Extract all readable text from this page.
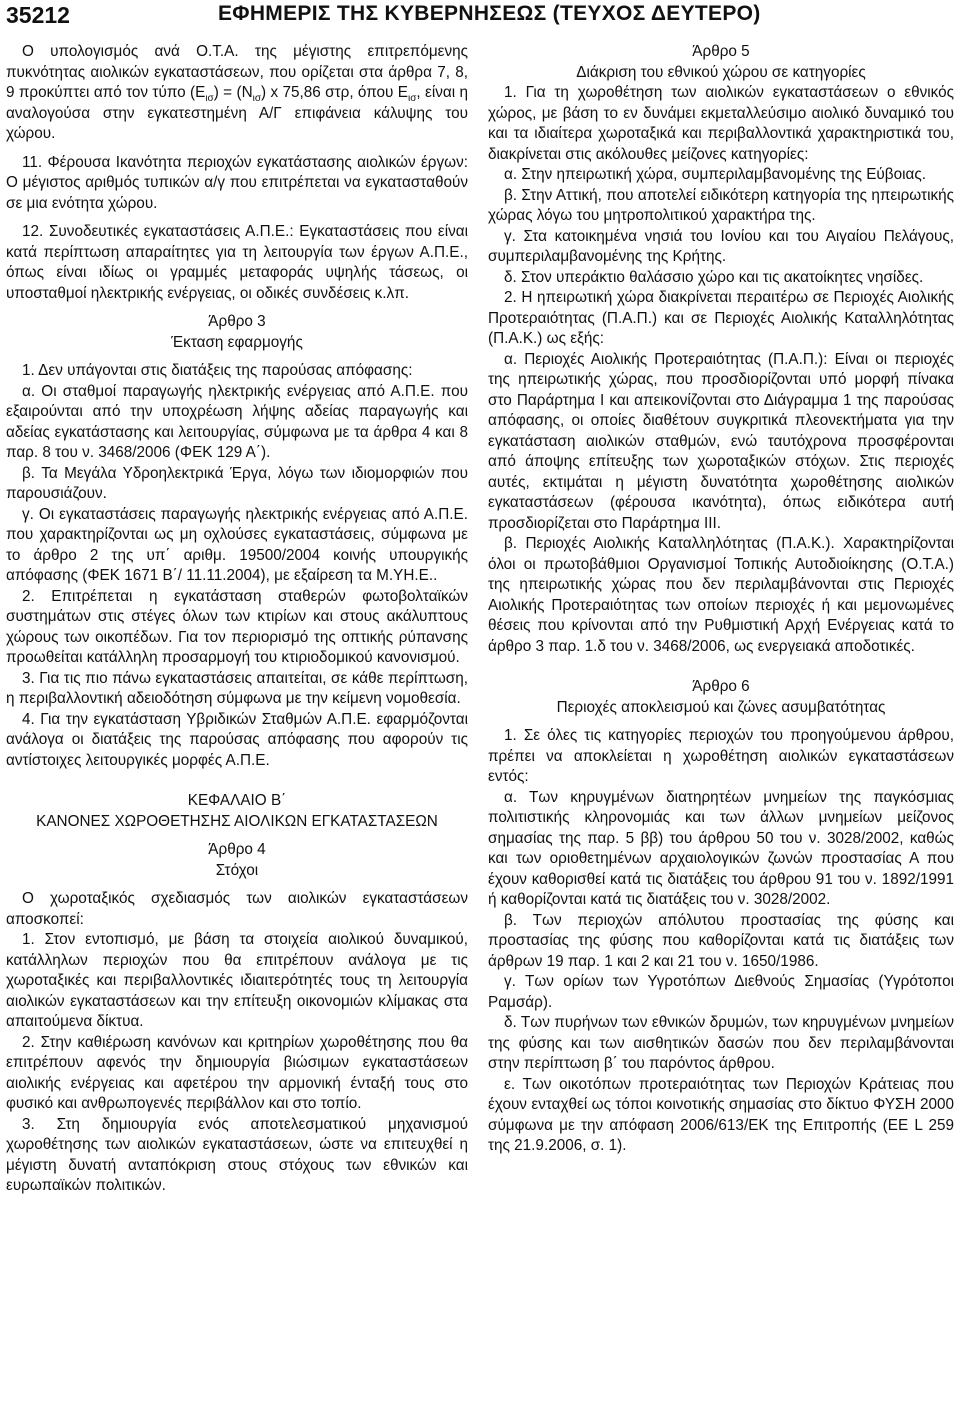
35212	ΕΦΗΜΕΡΙΣ ΤΗΣ ΚΥΒΕΡΝΗΣΕΩΣ (ΤΕΥΧΟΣ ΔΕΥΤΕΡΟ)

Ο υπολογισμός ανά Ο.Τ.Α. της μέγιστης επιτρεπόμενης πυκνότητας αιολικών εγκαταστάσεων, που ορίζεται στα άρθρα 7, 8, 9 προκύπτει από τον τύπο $(E_{\iota\sigma}) = (N_{\iota\sigma})$ x 75,86 στρ, όπου $E_{\iota\sigma}$, είναι η αναλογούσα στην εγκατεστημένη Α/Γ επιφάνεια κάλυψης του χώρου.

11. Φέρουσα Ικανότητα περιοχών εγκατάστασης αιολικών έργων: Ο μέγιστος αριθμός τυπικών α/γ που επιτρέπεται να εγκατασταθούν σε μια ενότητα χώρου.

12. Συνοδευτικές εγκαταστάσεις Α.Π.Ε.: Εγκαταστάσεις που είναι κατά περίπτωση απαραίτητες για τη λειτουργία των έργων Α.Π.Ε., όπως είναι ιδίως οι γραμμές μεταφοράς υψηλής τάσεως, οι υποσταθμοί ηλεκτρικής ενέργειας, οι οδικές συνδέσεις κ.λπ.

Άρθρο 3
Έκταση εφαρμογής

1. Δεν υπάγονται στις διατάξεις της παρούσας απόφασης:

α. Οι σταθμοί παραγωγής ηλεκτρικής ενέργειας από Α.Π.Ε. που εξαιρούνται από την υποχρέωση λήψης αδείας παραγωγής και αδείας εγκατάστασης και λειτουργίας, σύμφωνα με τα άρθρα 4 και 8 παρ. 8 του ν. 3468/2006 (ΦΕΚ 129 Α΄).

β. Τα Μεγάλα Υδροηλεκτρικά Έργα, λόγω των ιδιομορφιών που παρουσιάζουν.

γ. Οι εγκαταστάσεις παραγωγής ηλεκτρικής ενέργειας από Α.Π.Ε. που χαρακτηρίζονται ως μη οχλούσες εγκαταστάσεις, σύμφωνα με το άρθρο 2 της υπ΄ αριθμ. 19500/2004 κοινής υπουργικής απόφασης (ΦΕΚ 1671 Β΄/ 11.11.2004), με εξαίρεση τα Μ.ΥΗ.Ε..

2. Επιτρέπεται η εγκατάσταση σταθερών φωτοβολταϊκών συστημάτων στις στέγες όλων των κτιρίων και στους ακάλυπτους χώρους των οικοπέδων. Για τον περιορισμό της οπτικής ρύπανσης προωθείται κατάλληλη προσαρμογή του κτιριοδομικού κανονισμού.

3. Για τις πιο πάνω εγκαταστάσεις απαιτείται, σε κάθε περίπτωση, η περιβαλλοντική αδειοδότηση σύμφωνα με την κείμενη νομοθεσία.

4. Για την εγκατάσταση Υβριδικών Σταθμών Α.Π.Ε. εφαρμόζονται ανάλογα οι διατάξεις της παρούσας απόφασης που αφορούν τις αντίστοιχες λειτουργικές μορφές Α.Π.Ε.

ΚΕΦΑΛΑΙΟ Β΄
ΚΑΝΟΝΕΣ ΧΩΡΟΘΕΤΗΣΗΣ ΑΙΟΛΙΚΩΝ ΕΓΚΑΤΑΣΤΑΣΕΩΝ
Άρθρο 4
Στόχοι

Ο χωροταξικός σχεδιασμός των αιολικών εγκαταστάσεων αποσκοπεί:

1. Στον εντοπισμό, με βάση τα στοιχεία αιολικού δυναμικού, κατάλληλων περιοχών που θα επιτρέπουν ανάλογα με τις χωροταξικές και περιβαλλοντικές ιδιαιτερότητές τους τη λειτουργία αιολικών εγκαταστάσεων και την επίτευξη οικονομιών κλίμακας στα απαιτούμενα δίκτυα.

2. Στην καθιέρωση κανόνων και κριτηρίων χωροθέτησης που θα επιτρέπουν αφενός την δημιουργία βιώσιμων εγκαταστάσεων αιολικής ενέργειας και αφετέρου την αρμονική ένταξή τους στο φυσικό και ανθρωπογενές περιβάλλον και στο τοπίο.

3. Στη δημιουργία ενός αποτελεσματικού μηχανισμού χωροθέτησης των αιολικών εγκαταστάσεων, ώστε να επιτευχθεί η μέγιστη δυνατή ανταπόκριση στους στόχους των εθνικών και ευρωπαϊκών πολιτικών.

Άρθρο 5
Διάκριση του εθνικού χώρου σε κατηγορίες

1. Για τη χωροθέτηση των αιολικών εγκαταστάσεων ο εθνικός χώρος, με βάση το εν δυνάμει εκμεταλλεύσιμο αιολικό δυναμικό του και τα ιδιαίτερα χωροταξικά και περιβαλλοντικά χαρακτηριστικά του, διακρίνεται στις ακόλουθες μείζονες κατηγορίες:

α. Στην ηπειρωτική χώρα, συμπεριλαμβανομένης της Εύβοιας.

β. Στην Αττική, που αποτελεί ειδικότερη κατηγορία της ηπειρωτικής χώρας λόγω του μητροπολιτικού χαρακτήρα της.

γ. Στα κατοικημένα νησιά του Ιονίου και του Αιγαίου Πελάγους, συμπεριλαμβανομένης της Κρήτης.

δ. Στον υπεράκτιο θαλάσσιο χώρο και τις ακατοίκητες νησίδες.

2. Η ηπειρωτική χώρα διακρίνεται περαιτέρω σε Περιοχές Αιολικής Προτεραιότητας (Π.Α.Π.) και σε Περιοχές Αιολικής Καταλληλότητας (Π.Α.Κ.) ως εξής:

α. Περιοχές Αιολικής Προτεραιότητας (Π.Α.Π.): Είναι οι περιοχές της ηπειρωτικής χώρας, που προσδιορίζονται υπό μορφή πίνακα στο Παράρτημα Ι και απεικονίζονται στο Διάγραμμα 1 της παρούσας απόφασης, οι οποίες διαθέτουν συγκριτικά πλεονεκτήματα για την εγκατάσταση αιολικών σταθμών, ενώ ταυτόχρονα προσφέρονται από άποψης επίτευξης των χωροταξικών στόχων. Στις περιοχές αυτές, εκτιμάται η μέγιστη δυνατότητα χωροθέτησης αιολικών εγκαταστάσεων (φέρουσα ικανότητα), όπως ειδικότερα αυτή προσδιορίζεται στο Παράρτημα ΙΙΙ.

β. Περιοχές Αιολικής Καταλληλότητας (Π.Α.Κ.). Χαρακτηρίζονται όλοι οι πρωτοβάθμιοι Οργανισμοί Τοπικής Αυτοδιοίκησης (Ο.Τ.Α.) της ηπειρωτικής χώρας που δεν περιλαμβάνονται στις Περιοχές Αιολικής Προτεραιότητας των οποίων περιοχές ή και μεμονωμένες θέσεις που κρίνονται από την Ρυθμιστική Αρχή Ενέργειας κατά το άρθρο 3 παρ. 1.δ του ν. 3468/2006, ως ενεργειακά αποδοτικές.

Άρθρο 6
Περιοχές αποκλεισμού και ζώνες ασυμβατότητας

1. Σε όλες τις κατηγορίες περιοχών του προηγούμενου άρθρου, πρέπει να αποκλείεται η χωροθέτηση αιολικών εγκαταστάσεων εντός:

α. Των κηρυγμένων διατηρητέων μνημείων της παγκόσμιας πολιτιστικής κληρονομιάς και των άλλων μνημείων μείζονος σημασίας της παρ. 5 ββ) του άρθρου 50 του ν. 3028/2002, καθώς και των οριοθετημένων αρχαιολογικών ζωνών προστασίας Α που έχουν καθορισθεί κατά τις διατάξεις του άρθρου 91 του ν. 1892/1991 ή καθορίζονται κατά τις διατάξεις του ν. 3028/2002.

β. Των περιοχών απόλυτου προστασίας της φύσης και προστασίας της φύσης που καθορίζονται κατά τις διατάξεις των άρθρων 19 παρ. 1 και 2 και 21 του ν. 1650/1986.

γ. Των ορίων των Υγροτόπων Διεθνούς Σημασίας (Υγρότοποι Ραμσάρ).

δ. Των πυρήνων των εθνικών δρυμών, των κηρυγμένων μνημείων της φύσης και των αισθητικών δασών που δεν περιλαμβάνονται στην περίπτωση β΄ του παρόντος άρθρου.

ε. Των οικοτόπων προτεραιότητας των Περιοχών Κράτειας που έχουν ενταχθεί ως τόποι κοινοτικής σημασίας στο δίκτυο ΦΥΣΗ 2000 σύμφωνα με την απόφαση 2006/613/ΕΚ της Επιτροπής (ΕΕ L 259 της 21.9.2006, σ. 1).
